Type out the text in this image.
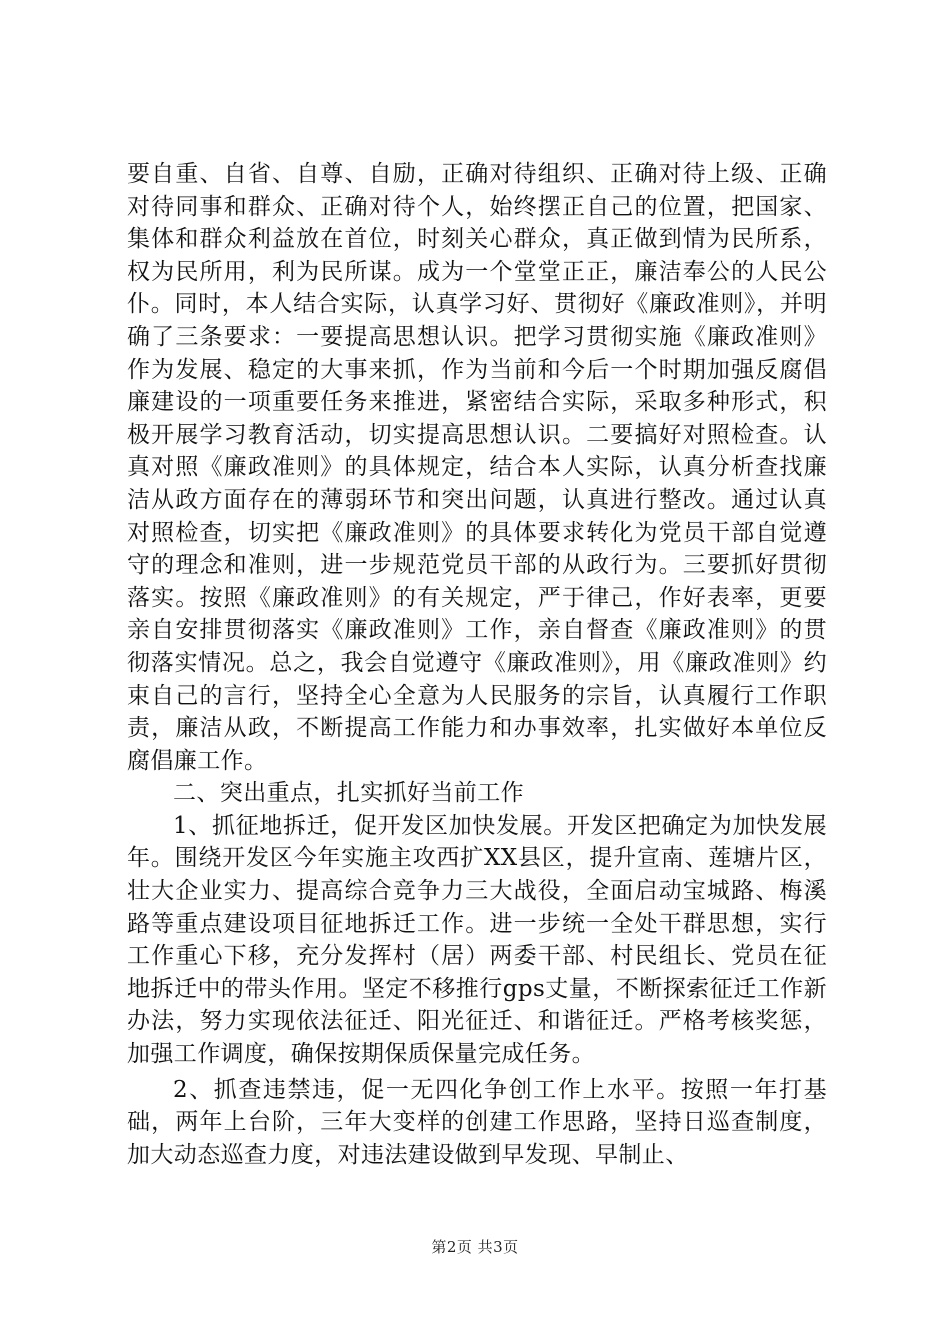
要自重、自省、自尊、自励，正确对待组织、正确对待上级、正确对待同事和群众、正确对待个人，始终摆正自己的位置，把国家、集体和群众利益放在首位，时刻关心群众，真正做到情为民所系，权为民所用，利为民所谋。成为一个堂堂正正，廉洁奉公的人民公仆。同时，本人结合实际，认真学习好、贯彻好《廉政准则》，并明确了三条要求：一要提高思想认识。把学习贯彻实施《廉政准则》作为发展、稳定的大事来抓，作为当前和今后一个时期加强反腐倡廉建设的一项重要任务来推进，紧密结合实际，采取多种形式，积极开展学习教育活动，切实提高思想认识。二要搞好对照检查。认真对照《廉政准则》的具体规定，结合本人实际，认真分析查找廉洁从政方面存在的薄弱环节和突出问题，认真进行整改。通过认真对照检查，切实把《廉政准则》的具体要求转化为党员干部自觉遵守的理念和准则，进一步规范党员干部的从政行为。三要抓好贯彻落实。按照《廉政准则》的有关规定，严于律己，作好表率，更要亲自安排贯彻落实《廉政准则》工作，亲自督查《廉政准则》的贯彻落实情况。总之，我会自觉遵守《廉政准则》，用《廉政准则》约束自己的言行，坚持全心全意为人民服务的宗旨，认真履行工作职责，廉洁从政，不断提高工作能力和办事效率，扎实做好本单位反腐倡廉工作。

二、突出重点，扎实抓好当前工作

1、抓征地拆迁，促开发区加快发展。开发区把确定为加快发展年。围绕开发区今年实施主攻西扩XX县区，提升宣南、莲塘片区，壮大企业实力、提高综合竞争力三大战役，全面启动宝城路、梅溪路等重点建设项目征地拆迁工作。进一步统一全处干群思想，实行工作重心下移，充分发挥村（居）两委干部、村民组长、党员在征地拆迁中的带头作用。坚定不移推行gps丈量，不断探索征迁工作新办法，努力实现依法征迁、阳光征迁、和谐征迁。严格考核奖惩，加强工作调度，确保按期保质保量完成任务。

2、抓查违禁违，促一无四化争创工作上水平。按照一年打基础，两年上台阶，三年大变样的创建工作思路，坚持日巡查制度，加大动态巡查力度，对违法建设做到早发现、早制止、

第2页 共3页
